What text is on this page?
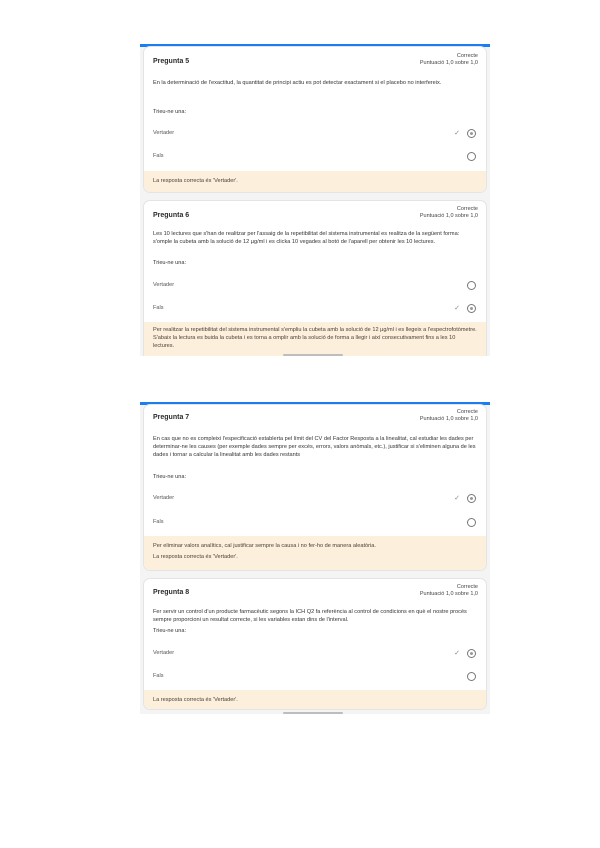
Pregunta 5
Correcte
Puntuació 1,0 sobre 1,0
En la determinació de l'exactitud, la quantitat de principi actiu es pot detectar exactament si el placebo no interfereix.
Trieu-ne una:
Vertader	✓
Fals
La resposta correcta és 'Vertader'.
Pregunta 6
Correcte
Puntuació 1,0 sobre 1,0
Les 10 lectures que s'han de realitzar per l'assaig de la repetibilitat del sistema instrumental es realitza de la següent forma: s'omple la cubeta amb la solució de 12 µg/ml i es clicka 10 vegades al botó de l'aparell per obtenir les 10 lectures.
Trieu-ne una:
Vertader
Fals	✓
Per realitzar la repetibilitat del sistema instrumental s'empliu la cubeta amb la solució de 12 µg/ml i es llegeix a l'espectrofotòmetre. S'abaix la lectura es buida la cubeta i es torna a omplir amb la solució de forma a llegir i així consecutivament fins a les 10 lectures.
Pregunta 7
Correcte
Puntuació 1,0 sobre 1,0
En cas que no es compleixi l'especificació establerta pel límit del CV del Factor Resposta a la linealitat, cal estudiar les dades per determinar-ne les causes (per exemple dades sempre per excés, errors, valors anòmals, etc.), justificar si s'eliminen alguna de les dades i tornar a calcular la linealitat amb les dades restants
Trieu-ne una:
Vertader	✓
Fals
Per eliminar valors analítics, cal justificar sempre la causa i no fer-ho de manera aleatòria.
La resposta correcta és 'Vertader'.
Pregunta 8
Correcte
Puntuació 1,0 sobre 1,0
Fer servir un control d'un producte farmacèutic segons la ICH Q2 fa referència al control de condicions en què el nostre procés sempre proporcioni un resultat correcte, si les variables estan dins de l'interval.
Trieu-ne una:
Vertader	✓
Fals
La resposta correcta és 'Vertader'.
